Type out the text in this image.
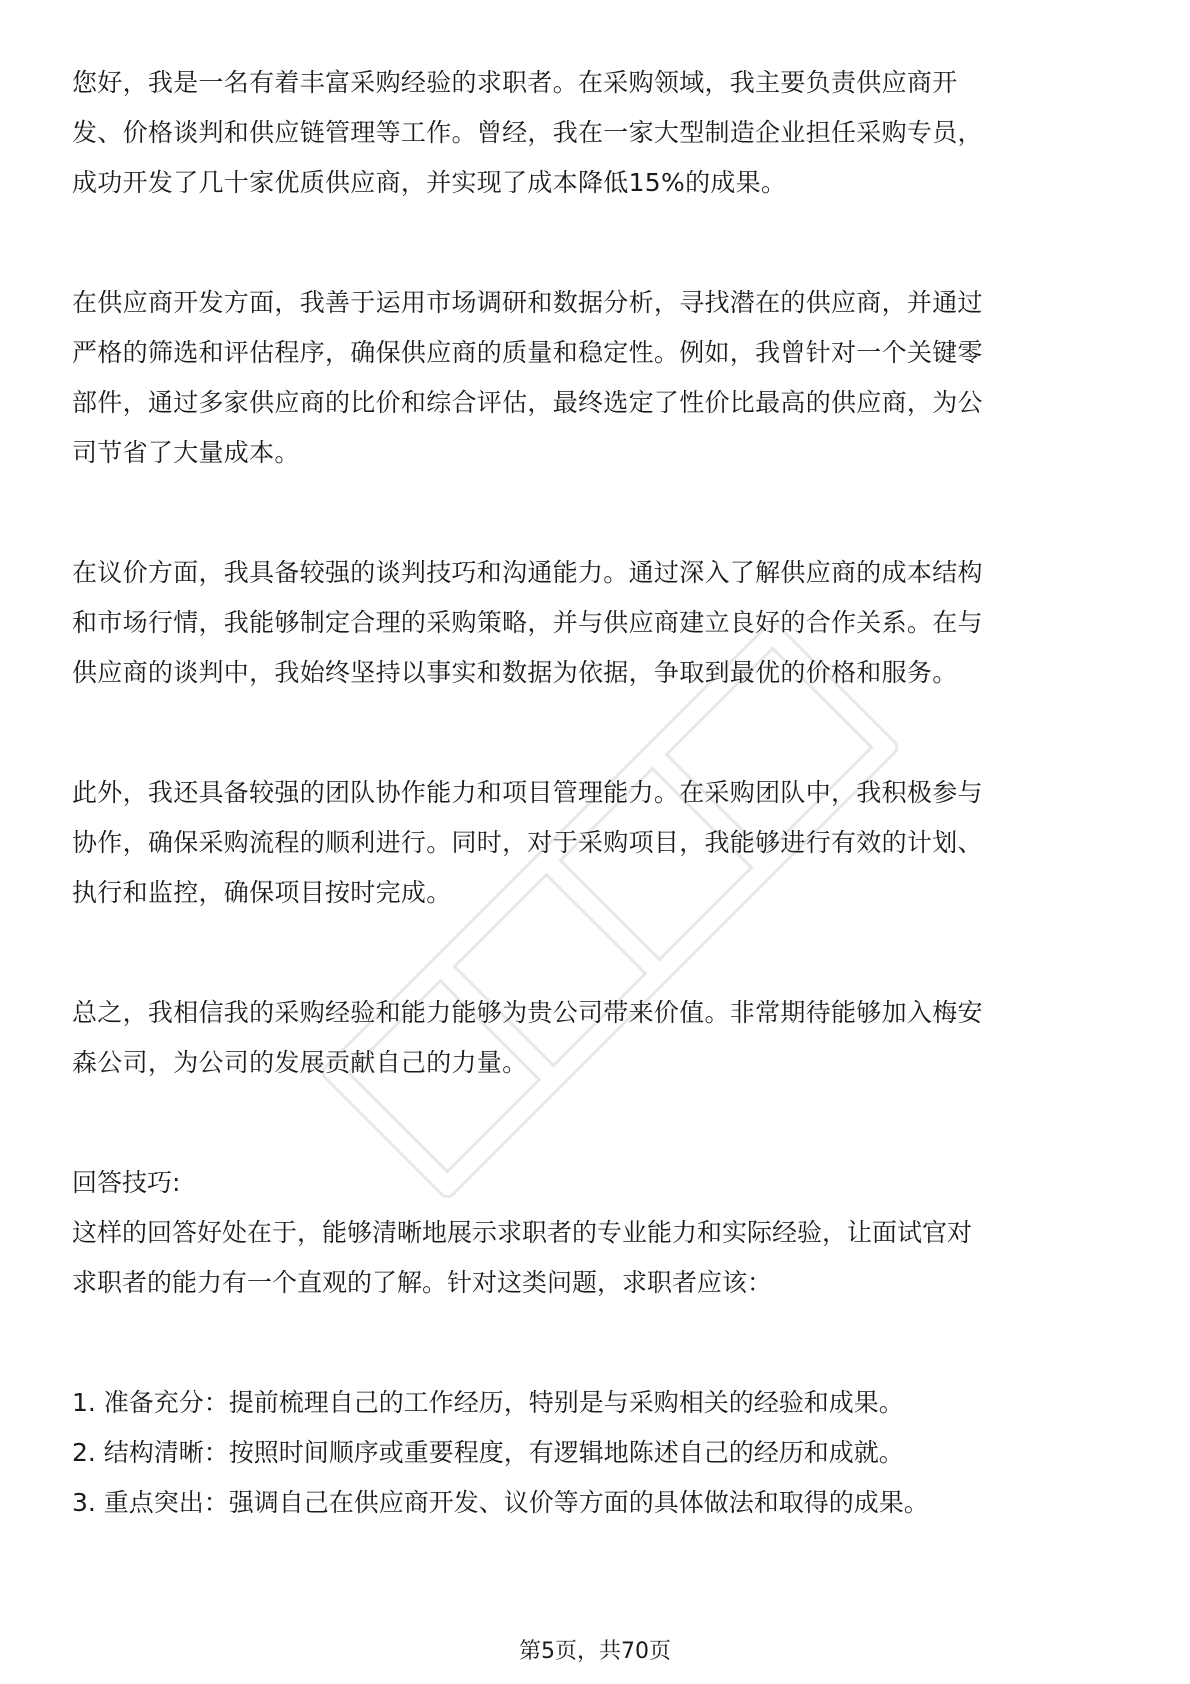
您好，我是一名有着丰富采购经验的求职者。在采购领域，我主要负责供应商开
发、价格谈判和供应链管理等工作。曾经，我在一家大型制造企业担任采购专员，
成功开发了几十家优质供应商，并实现了成本降低15%的成果。
在供应商开发方面，我善于运用市场调研和数据分析，寻找潜在的供应商，并通过
严格的筛选和评估程序，确保供应商的质量和稳定性。例如，我曾针对一个关键零
部件，通过多家供应商的比价和综合评估，最终选定了性价比最高的供应商，为公
司节省了大量成本。
在议价方面，我具备较强的谈判技巧和沟通能力。通过深入了解供应商的成本结构
和市场行情，我能够制定合理的采购策略，并与供应商建立良好的合作关系。在与
供应商的谈判中，我始终坚持以事实和数据为依据，争取到最优的价格和服务。
此外，我还具备较强的团队协作能力和项目管理能力。在采购团队中，我积极参与
协作，确保采购流程的顺利进行。同时，对于采购项目，我能够进行有效的计划、
执行和监控，确保项目按时完成。
总之，我相信我的采购经验和能力能够为贵公司带来价值。非常期待能够加入梅安
森公司，为公司的发展贡献自己的力量。
回答技巧:
这样的回答好处在于，能够清晰地展示求职者的专业能力和实际经验，让面试官对
求职者的能力有一个直观的了解。针对这类问题，求职者应该：
1. 准备充分：提前梳理自己的工作经历，特别是与采购相关的经验和成果。
2. 结构清晰：按照时间顺序或重要程度，有逻辑地陈述自己的经历和成就。
3. 重点突出：强调自己在供应商开发、议价等方面的具体做法和取得的成果。
第5页，共70页
